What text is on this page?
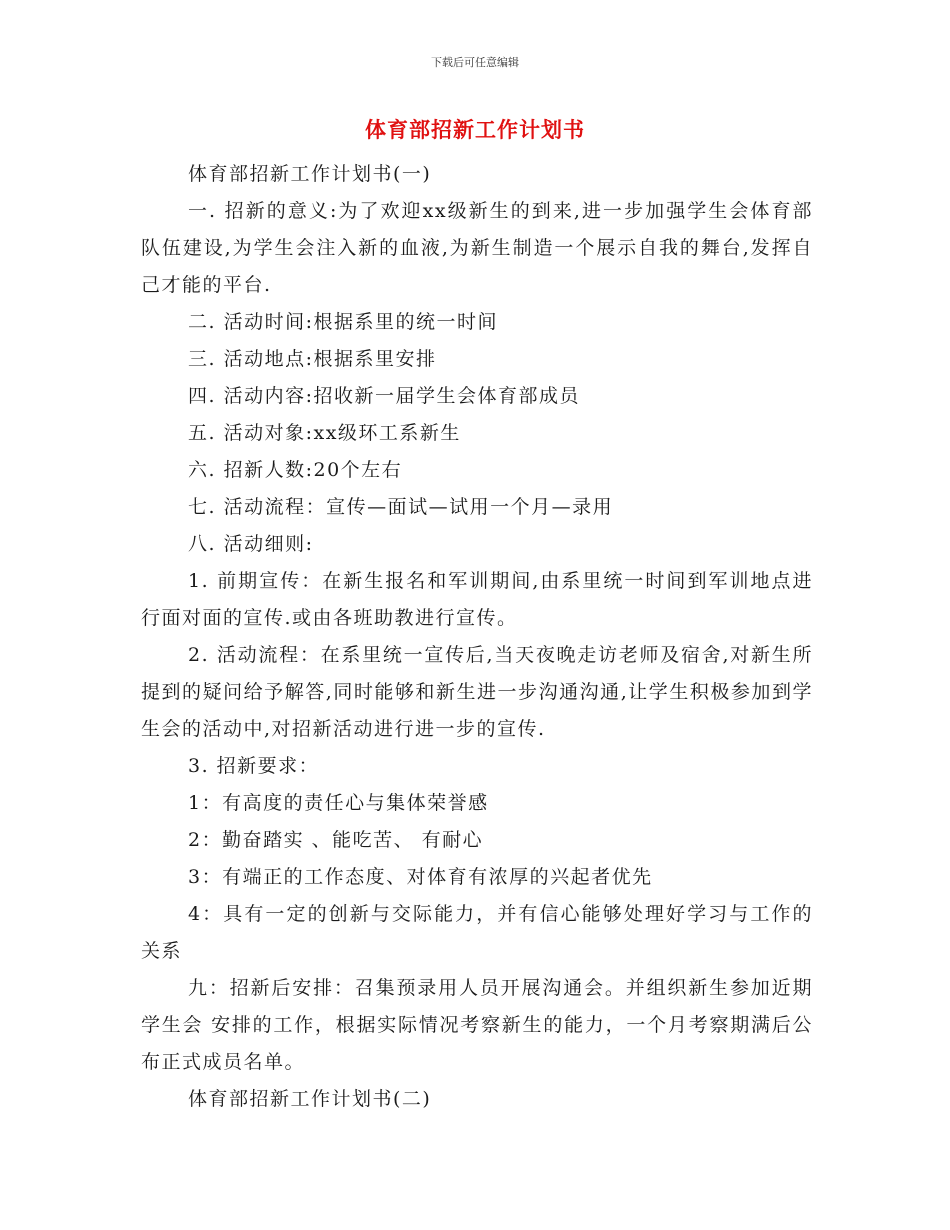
下载后可任意编辑
体育部招新工作计划书

体育部招新工作计划书(一)

一. 招新的意义:为了欢迎xx级新生的到来,进一步加强学生会体育部队伍建设,为学生会注入新的血液,为新生制造一个展示自我的舞台,发挥自己才能的平台.

二. 活动时间:根据系里的统一时间

三. 活动地点:根据系里安排

四. 活动内容:招收新一届学生会体育部成员

五. 活动对象:xx级环工系新生

六. 招新人数:20个左右

七. 活动流程：宣传—面试—试用一个月—录用

八. 活动细则:

1. 前期宣传：在新生报名和军训期间,由系里统一时间到军训地点进行面对面的宣传.或由各班助教进行宣传。

2. 活动流程：在系里统一宣传后,当天夜晚走访老师及宿舍,对新生所提到的疑问给予解答,同时能够和新生进一步沟通沟通,让学生积极参加到学生会的活动中,对招新活动进行进一步的宣传.

3. 招新要求：

1：有高度的责任心与集体荣誉感

2：勤奋踏实 、能吃苦、 有耐心

3：有端正的工作态度、对体育有浓厚的兴起者优先

4：具有一定的创新与交际能力，并有信心能够处理好学习与工作的关系

九：招新后安排：召集预录用人员开展沟通会。并组织新生参加近期学生会 安排的工作，根据实际情况考察新生的能力，一个月考察期满后公布正式成员名单。

体育部招新工作计划书(二)
